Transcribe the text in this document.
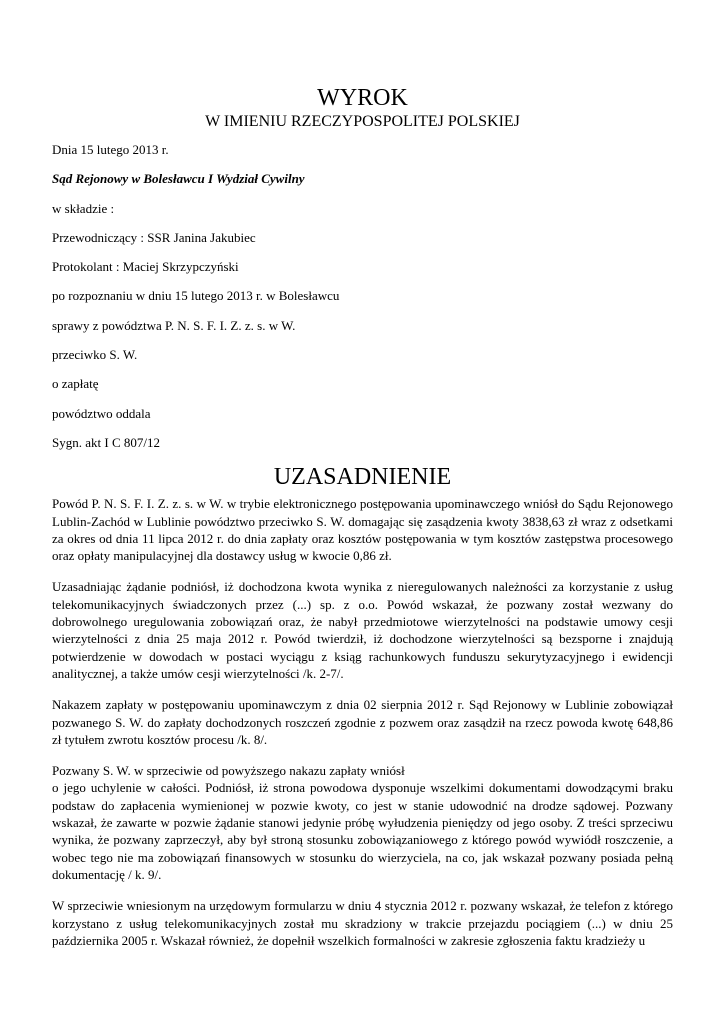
WYROK
W IMIENIU RZECZYPOSPOLITEJ POLSKIEJ

Dnia 15 lutego 2013 r.

Sąd Rejonowy w Bolesławcu I Wydział Cywilny

w składzie :

Przewodniczący : SSR Janina Jakubiec

Protokolant : Maciej Skrzypczyński

po rozpoznaniu w dniu 15 lutego 2013 r. w Bolesławcu

sprawy z powództwa P. N. S. F. I. Z. z. s. w W.

przeciwko S. W.

o zapłatę

powództwo oddala

Sygn. akt I C 807/12

UZASADNIENIE

Powód P. N. S. F. I. Z. z. s. w W. w trybie elektronicznego postępowania upominawczego wniósł do Sądu Rejonowego Lublin-Zachód w Lublinie powództwo przeciwko S. W. domagając się zasądzenia kwoty 3838,63 zł wraz z odsetkami za okres od dnia 11 lipca 2012 r. do dnia zapłaty oraz kosztów postępowania w tym kosztów zastępstwa procesowego oraz opłaty manipulacyjnej dla dostawcy usług w kwocie 0,86 zł.

Uzasadniając żądanie podniósł, iż dochodzona kwota wynika z nieregulowanych należności za korzystanie z usług telekomunikacyjnych świadczonych przez (...) sp. z o.o. Powód wskazał, że pozwany został wezwany do dobrowolnego uregulowania zobowiązań oraz, że nabył przedmiotowe wierzytelności na podstawie umowy cesji wierzytelności z dnia 25 maja 2012 r. Powód twierdził, iż dochodzone wierzytelności są bezsporne i znajdują potwierdzenie w dowodach w postaci wyciągu z ksiąg rachunkowych funduszu sekurytyzacyjnego i ewidencji analitycznej, a także umów cesji wierzytelności /k. 2-7/.

Nakazem zapłaty w postępowaniu upominawczym z dnia 02 sierpnia 2012 r. Sąd Rejonowy w Lublinie zobowiązał pozwanego S. W. do zapłaty dochodzonych roszczeń zgodnie z pozwem oraz zasądził na rzecz powoda kwotę 648,86 zł tytułem zwrotu kosztów procesu /k. 8/.

Pozwany S. W. w sprzeciwie od powyższego nakazu zapłaty wniósł

o jego uchylenie w całości. Podniósł, iż strona powodowa dysponuje wszelkimi dokumentami dowodzącymi braku podstaw do zapłacenia wymienionej w pozwie kwoty, co jest w stanie udowodnić na drodze sądowej. Pozwany wskazał, że zawarte w pozwie żądanie stanowi jedynie próbę wyłudzenia pieniędzy od jego osoby. Z treści sprzeciwu wynika, że pozwany zaprzeczył, aby był stroną stosunku zobowiązaniowego z którego powód wywiódł roszczenie, a wobec tego nie ma zobowiązań finansowych w stosunku do wierzyciela, na co, jak wskazał pozwany posiada pełną dokumentację / k. 9/.

W sprzeciwie wniesionym na urzędowym formularzu w dniu 4 stycznia 2012 r. pozwany wskazał, że telefon z którego korzystano z usług telekomunikacyjnych został mu skradziony w trakcie przejazdu pociągiem (...) w dniu 25 października 2005 r. Wskazał również, że dopełnił wszelkich formalności w zakresie zgłoszenia faktu kradzieży u
